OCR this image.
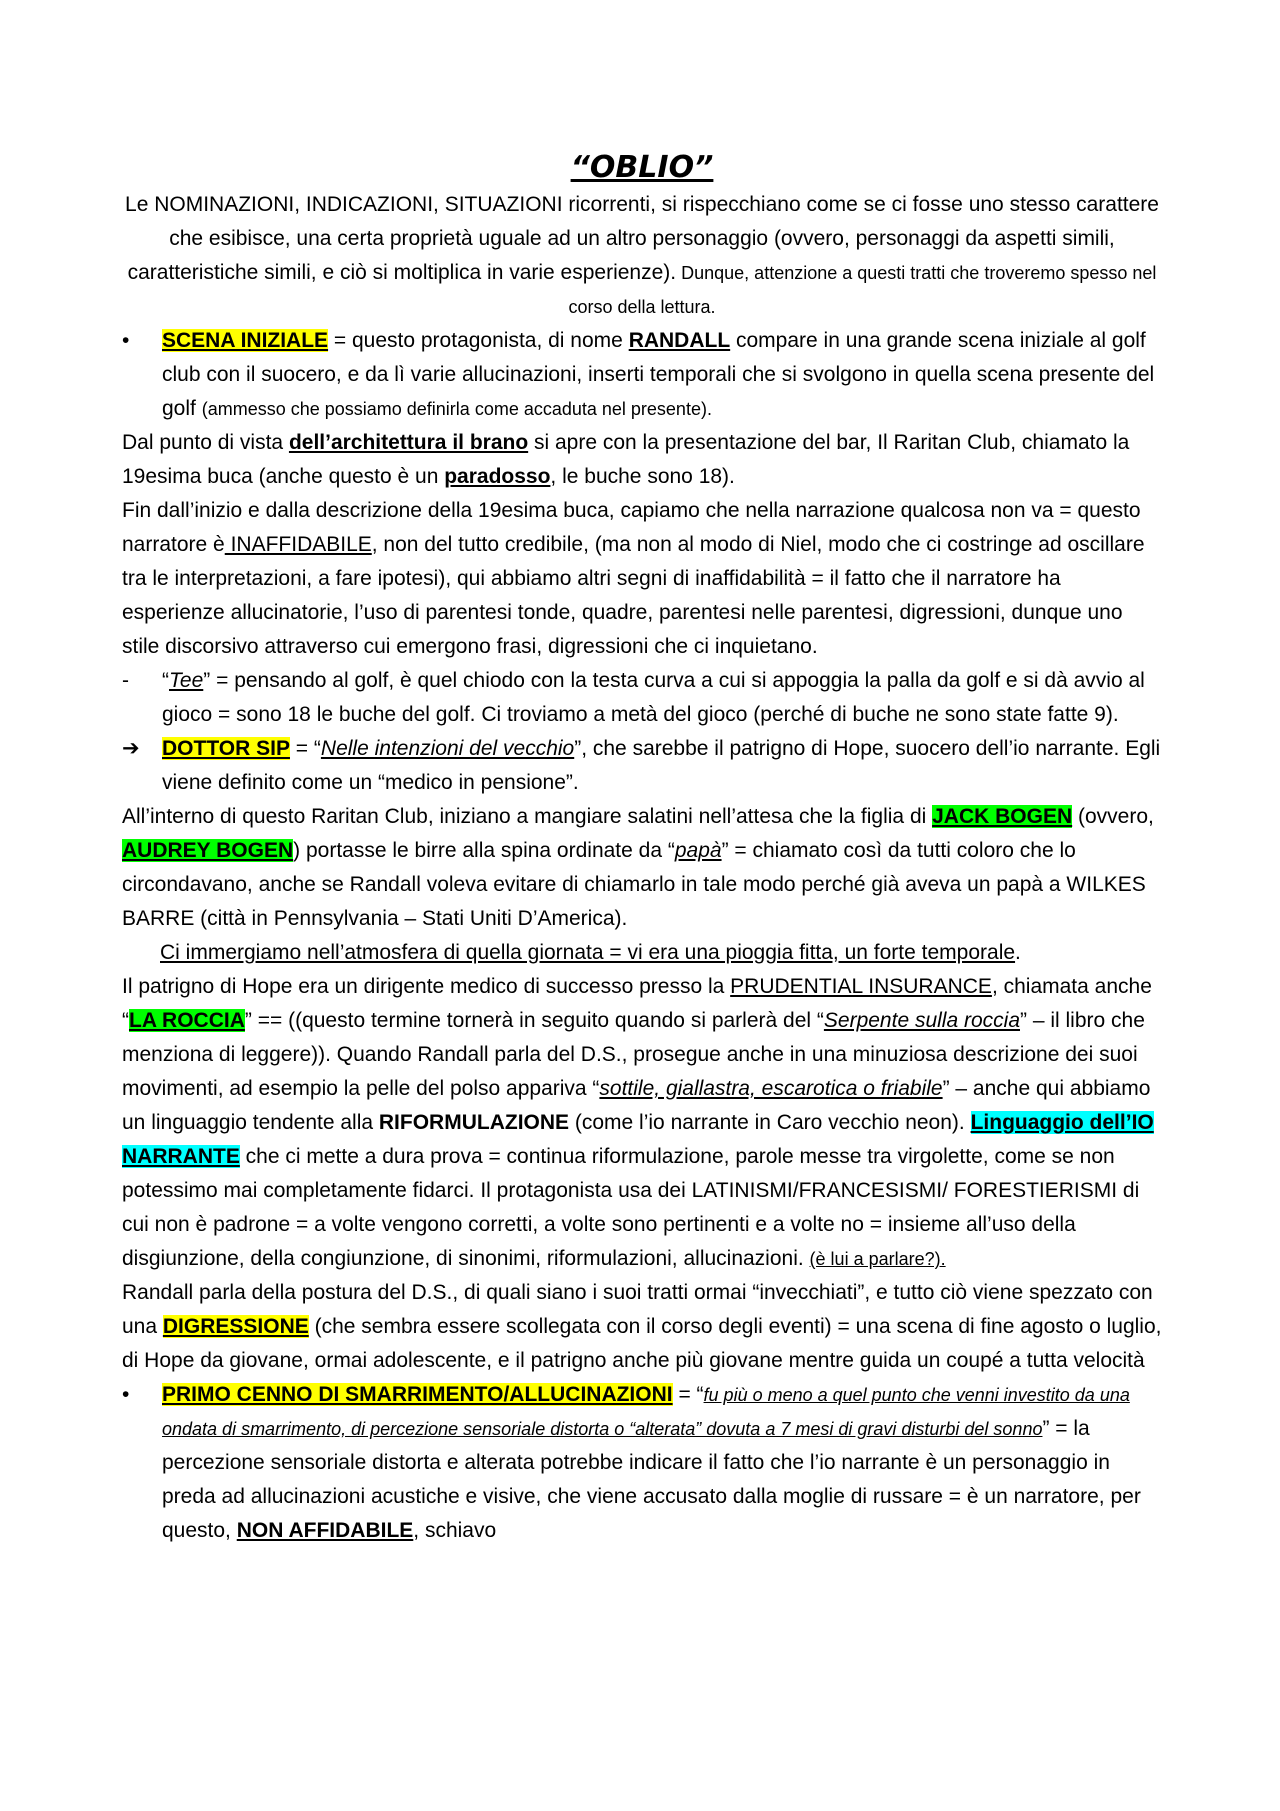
“OBLIO”

Le NOMINAZIONI, INDICAZIONI, SITUAZIONI ricorrenti, si rispecchiano come se ci fosse uno stesso carattere che esibisce, una certa proprietà uguale ad un altro personaggio (ovvero, personaggi da aspetti simili, caratteristiche simili, e ciò si moltiplica in varie esperienze). Dunque, attenzione a questi tratti che troveremo spesso nel corso della lettura.

•	SCENA INIZIALE = questo protagonista, di nome RANDALL compare in una grande scena iniziale al golf club con il suocero, e da lì varie allucinazioni, inserti temporali che si svolgono in quella scena presente del golf (ammesso che possiamo definirla come accaduta nel presente).

Dal punto di vista dell’architettura il brano si apre con la presentazione del bar, Il Raritan Club, chiamato la 19esima buca (anche questo è un paradosso, le buche sono 18).

Fin dall’inizio e dalla descrizione della 19esima buca, capiamo che nella narrazione qualcosa non va = questo narratore è INAFFIDABILE, non del tutto credibile, (ma non al modo di Niel, modo che ci costringe ad oscillare tra le interpretazioni, a fare ipotesi), qui abbiamo altri segni di inaffidabilità = il fatto che il narratore ha esperienze allucinatorie, l’uso di parentesi tonde, quadre, parentesi nelle parentesi, digressioni, dunque uno stile discorsivo attraverso cui emergono frasi, digressioni che ci inquietano.

-	“Tee” = pensando al golf, è quel chiodo con la testa curva a cui si appoggia la palla da golf e si dà avvio al gioco = sono 18 le buche del golf. Ci troviamo a metà del gioco (perché di buche ne sono state fatte 9).
➔	DOTTOR SIP = “Nelle intenzioni del vecchio”, che sarebbe il patrigno di Hope, suocero dell’io narrante. Egli viene definito come un “medico in pensione”.

All’interno di questo Raritan Club, iniziano a mangiare salatini nell’attesa che la figlia di JACK BOGEN (ovvero, AUDREY BOGEN) portasse le birre alla spina ordinate da “papà” = chiamato così da tutti coloro che lo circondavano, anche se Randall voleva evitare di chiamarlo in tale modo perché già aveva un papà a WILKES BARRE (città in Pennsylvania – Stati Uniti D’America).

Ci immergiamo nell’atmosfera di quella giornata = vi era una pioggia fitta, un forte temporale.

Il patrigno di Hope era un dirigente medico di successo presso la PRUDENTIAL INSURANCE, chiamata anche “LA ROCCIA” == ((questo termine tornerà in seguito quando si parlerà del “Serpente sulla roccia” – il libro che menziona di leggere)). Quando Randall parla del D.S., prosegue anche in una minuziosa descrizione dei suoi movimenti, ad esempio la pelle del polso appariva “sottile, giallastra, escarotica o friabile” – anche qui abbiamo un linguaggio tendente alla RIFORMULAZIONE (come l’io narrante in Caro vecchio neon). Linguaggio dell’IO NARRANTE che ci mette a dura prova = continua riformulazione, parole messe tra virgolette, come se non potessimo mai completamente fidarci. Il protagonista usa dei LATINISMI/FRANCESISMI/ FORESTIERISMI di cui non è padrone = a volte vengono corretti, a volte sono pertinenti e a volte no = insieme all’uso della disgiunzione, della congiunzione, di sinonimi, riformulazioni, allucinazioni. (è lui a parlare?).

Randall parla della postura del D.S., di quali siano i suoi tratti ormai “invecchiati”, e tutto ciò viene spezzato con una DIGRESSIONE (che sembra essere scollegata con il corso degli eventi) = una scena di fine agosto o luglio, di Hope da giovane, ormai adolescente, e il patrigno anche più giovane mentre guida un coupé a tutta velocità

•	PRIMO CENNO DI SMARRIMENTO/ALLUCINAZIONI = “fu più o meno a quel punto che venni investito da una ondata di smarrimento, di percezione sensoriale distorta o “alterata” dovuta a 7 mesi di gravi disturbi del sonno” = la percezione sensoriale distorta e alterata potrebbe indicare il fatto che l’io narrante è un personaggio in preda ad allucinazioni acustiche e visive, che viene accusato dalla moglie di russare = è un narratore, per questo, NON AFFIDABILE, schiavo
